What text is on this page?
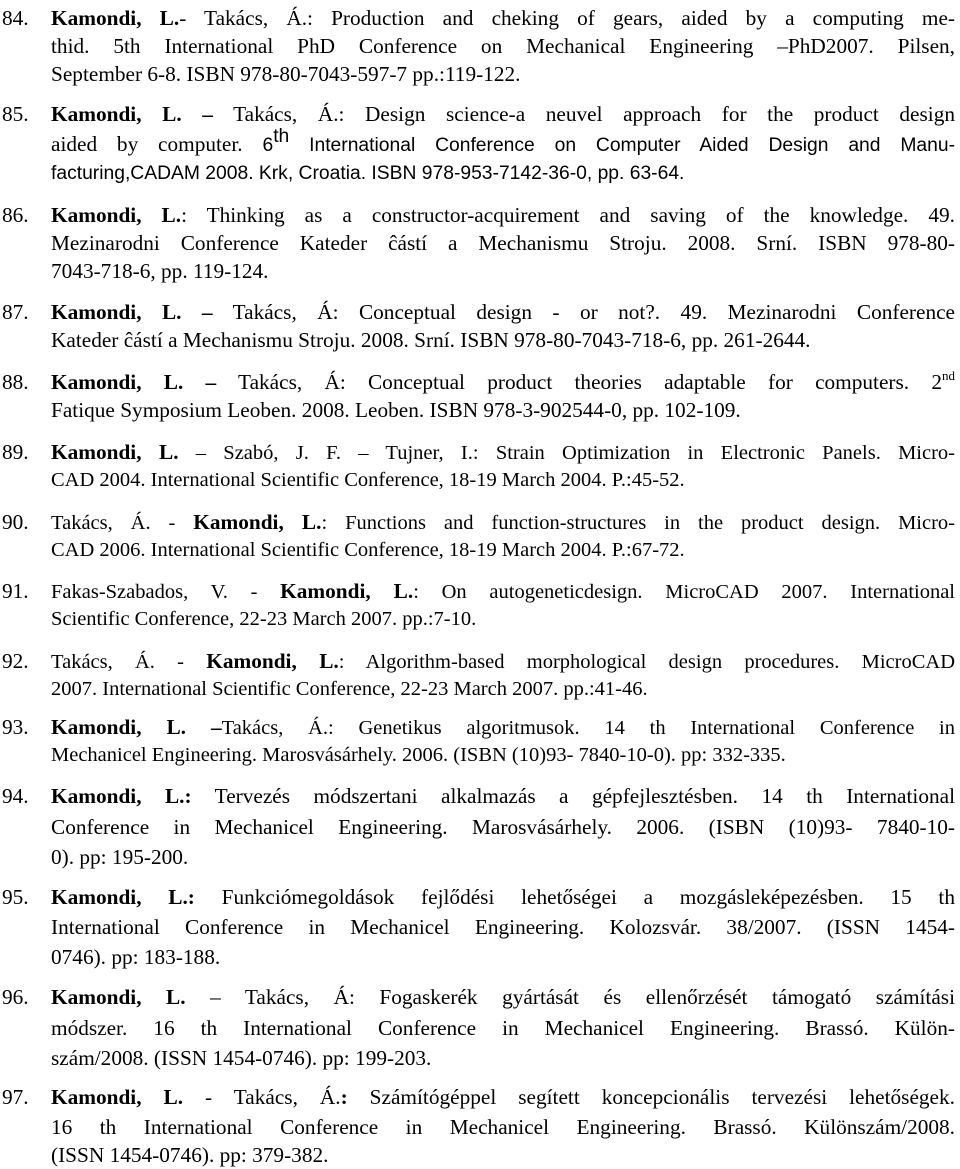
84. Kamondi, L.- Takács, Á.: Production and cheking of gears, aided by a computing me-
thid. 5th International PhD Conference on Mechanical Engineering –PhD2007. Pilsen,
September 6-8. ISBN 978-80-7043-597-7 pp.:119-122.
85. Kamondi, L. – Takács, Á.: Design science-a neuvel approach for the product design
aided by computer. 6th International Conference on Computer Aided Design and Manu-
facturing,CADAM 2008. Krk, Croatia. ISBN 978-953-7142-36-0, pp. 63-64.
86. Kamondi, L.: Thinking as a constructor-acquirement and saving of the knowledge. 49.
Mezinarodni Conference Kateder ĉástí a Mechanismu Stroju. 2008. Srní. ISBN 978-80-
7043-718-6, pp. 119-124.
87. Kamondi, L. – Takács, Á: Conceptual design - or not?. 49. Mezinarodni Conference
Kateder ĉástí a Mechanismu Stroju. 2008. Srní. ISBN 978-80-7043-718-6, pp. 261-2644.
88. Kamondi, L. – Takács, Á: Conceptual product theories adaptable for computers. 2nd
Fatique Symposium Leoben. 2008. Leoben. ISBN 978-3-902544-0, pp. 102-109.
89. Kamondi, L. – Szabó, J. F. – Tujner, I.: Strain Optimization in Electronic Panels. Micro-
CAD 2004. International Scientific Conference, 18-19 March 2004. P.:45-52.
90. Takács, Á. - Kamondi, L.: Functions and function-structures in the product design. Micro-
CAD 2006. International Scientific Conference, 18-19 March 2004. P.:67-72.
91. Fakas-Szabados, V. - Kamondi, L.: On autogeneticdesign. MicroCAD 2007. International
Scientific Conference, 22-23 March 2007. pp.:7-10.
92. Takács, Á. - Kamondi, L.: Algorithm-based morphological design procedures. MicroCAD
2007. International Scientific Conference, 22-23 March 2007. pp.:41-46.
93. Kamondi, L. –Takács, Á.: Genetikus algoritmusok. 14 th International Conference in
Mechanicel Engineering. Marosvásárhely. 2006. (ISBN (10)93- 7840-10-0). pp: 332-335.
94. Kamondi, L.: Tervezés módszertani alkalmazás a gépfejlesztésben. 14 th International
Conference in Mechanicel Engineering. Marosvásárhely. 2006. (ISBN (10)93- 7840-10-
0). pp: 195-200.
95. Kamondi, L.: Funkciómegoldások fejlődési lehetőségei a mozgásleképezésben. 15 th
International Conference in Mechanicel Engineering. Kolozsvár. 38/2007. (ISSN 1454-
0746). pp: 183-188.
96. Kamondi, L. – Takács, Á: Fogaskerék gyártását és ellenőrzését támogató számítási
módszer. 16 th International Conference in Mechanicel Engineering. Brassó. Külön-
szám/2008. (ISSN 1454-0746). pp: 199-203.
97. Kamondi, L. - Takács, Á.: Számítógéppel segített koncepcionális tervezési lehetőségek.
16 th International Conference in Mechanicel Engineering. Brassó. Különszám/2008.
(ISSN 1454-0746). pp: 379-382.
